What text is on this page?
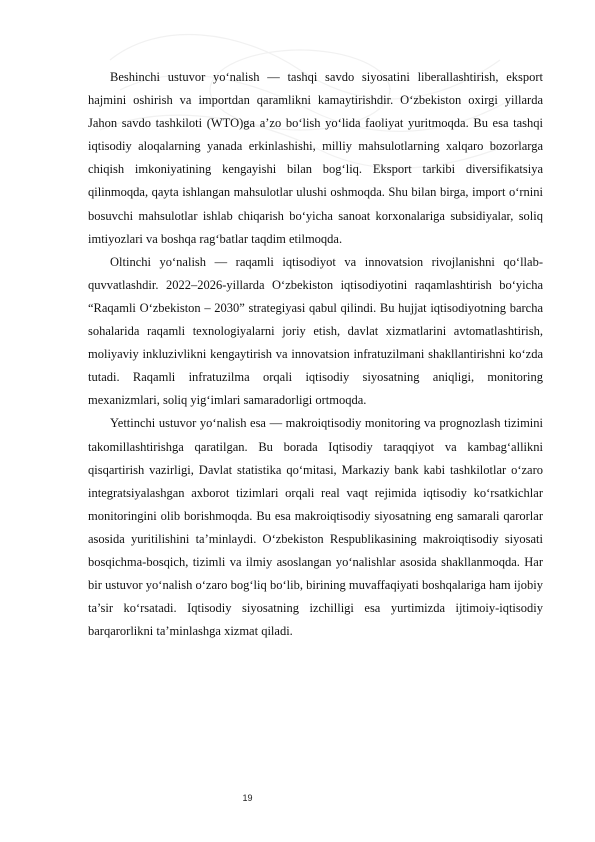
Beshinchi ustuvor yo‘nalish — tashqi savdo siyosatini liberallashtirish, eksport hajmini oshirish va importdan qaramlikni kamaytirishdir. O‘zbekiston oxirgi yillarda Jahon savdo tashkiloti (WTO)ga a’zo bo‘lish yo‘lida faoliyat yuritmoqda. Bu esa tashqi iqtisodiy aloqalarning yanada erkinlashishi, milliy mahsulotlarning xalqaro bozorlarga chiqish imkoniyatining kengayishi bilan bog‘liq. Eksport tarkibi diversifikatsiya qilinmoqda, qayta ishlangan mahsulotlar ulushi oshmoqda. Shu bilan birga, import o‘rnini bosuvchi mahsulotlar ishlab chiqarish bo‘yicha sanoat korxonalariga subsidiyalar, soliq imtiyozlari va boshqa rag‘batlar taqdim etilmoqda.

Oltinchi yo‘nalish — raqamli iqtisodiyot va innovatsion rivojlanishni qo‘llab-quvvatlashdir. 2022–2026-yillarda O‘zbekiston iqtisodiyotini raqamlashtirish bo‘yicha “Raqamli O‘zbekiston – 2030” strategiyasi qabul qilindi. Bu hujjat iqtisodiyotning barcha sohalarida raqamli texnologiyalarni joriy etish, davlat xizmatlarini avtomatlashtirish, moliyaviy inkluzivlikni kengaytirish va innovatsion infratuzilmani shakllantirishni ko‘zda tutadi. Raqamli infratuzilma orqali iqtisodiy siyosatning aniqligi, monitoring mexanizmlari, soliq yig‘imlari samaradorligi ortmoqda.

Yettinchi ustuvor yo‘nalish esa — makroiqtisodiy monitoring va prognozlash tizimini takomillashtirishga qaratilgan. Bu borada Iqtisodiy taraqqiyot va kambag‘allikni qisqartirish vazirligi, Davlat statistika qo‘mitasi, Markaziy bank kabi tashkilotlar o‘zaro integratsiyalashgan axborot tizimlari orqali real vaqt rejimida iqtisodiy ko‘rsatkichlar monitoringini olib borishmoqda. Bu esa makroiqtisodiy siyosatning eng samarali qarorlar asosida yuritilishini ta’minlaydi. O‘zbekiston Respublikasining makroiqtisodiy siyosati bosqichma-bosqich, tizimli va ilmiy asoslangan yo‘nalishlar asosida shakllanmoqda. Har bir ustuvor yo‘nalish o‘zaro bog‘liq bo‘lib, birining muvaffaqiyati boshqalariga ham ijobiy ta’sir ko‘rsatadi. Iqtisodiy siyosatning izchilligi esa yurtimizda ijtimoiy-iqtisodiy barqarorlikni ta’minlashga xizmat qiladi.

19
